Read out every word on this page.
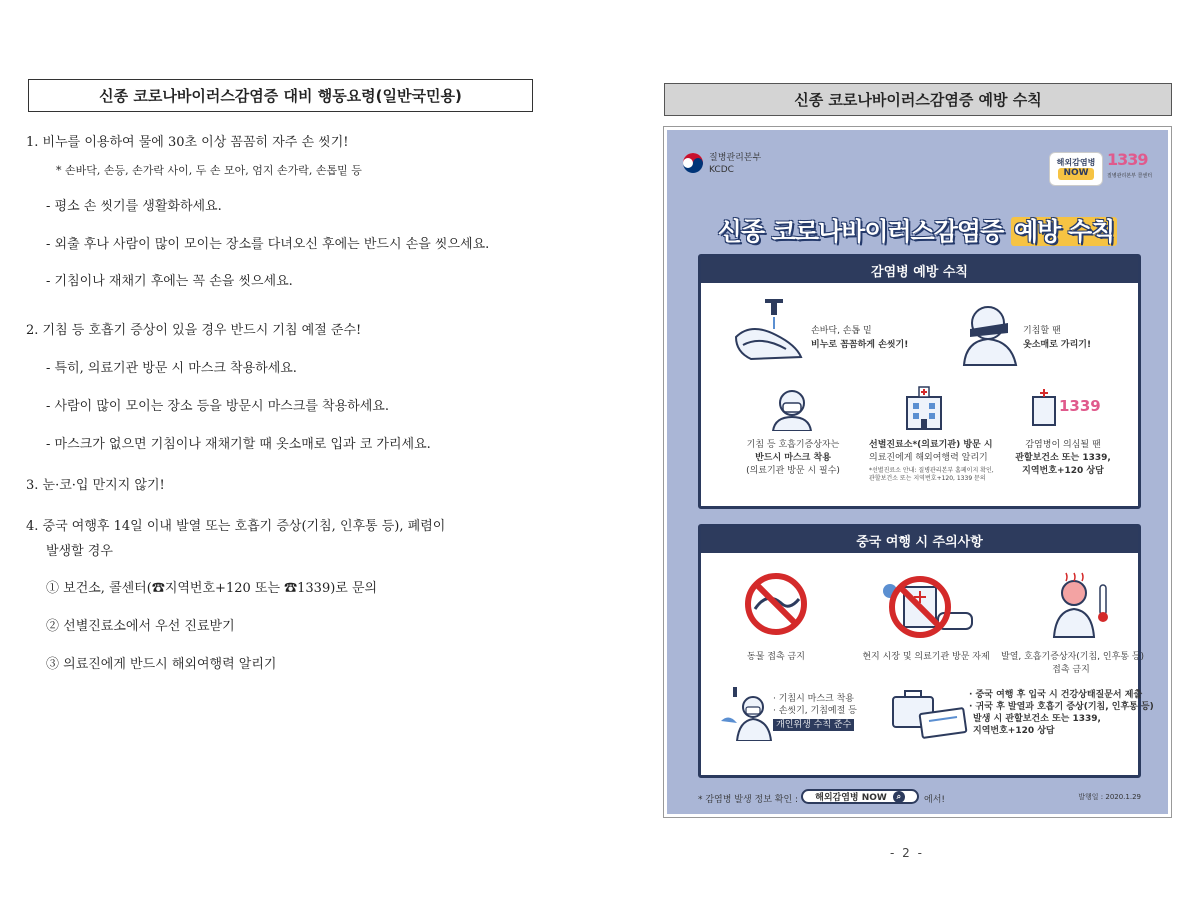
신종 코로나바이러스감염증 대비 행동요령(일반국민용)
1. 비누를 이용하여 물에 30초 이상 꼼꼼히 자주 손 씻기!
* 손바닥, 손등, 손가락 사이, 두 손 모아, 엄지 손가락, 손톱밑 등
- 평소 손 씻기를 생활화하세요.
- 외출 후나 사람이 많이 모이는 장소를 다녀오신 후에는 반드시 손을 씻으세요.
- 기침이나 재채기 후에는 꼭 손을 씻으세요.
2. 기침 등 호흡기 증상이 있을 경우 반드시 기침 예절 준수!
- 특히, 의료기관 방문 시 마스크 착용하세요.
- 사람이 많이 모이는 장소 등을 방문시 마스크를 착용하세요.
- 마스크가 없으면 기침이나 재채기할 때 옷소매로 입과 코 가리세요.
3. 눈·코·입 만지지 않기!
4. 중국 여행후 14일 이내 발열 또는 호흡기 증상(기침, 인후통 등), 폐렴이
발생할 경우
① 보건소, 콜센터(☎지역번호+120 또는 ☎1339)로 문의
② 선별진료소에서 우선 진료받기
③ 의료진에게 반드시 해외여행력 알리기
신종 코로나바이러스감염증 예방 수칙
질병관리본부
KCDC
해외감염병
NOW
1339
질병관리본부 콜센터
신종 코로나바이러스감염증 예방 수칙
감염병 예방 수칙
손바닥, 손톱 밑
비누로 꼼꼼하게 손씻기!
기침할 땐
옷소매로 가리기!
1339
기침 등 호흡기증상자는
반드시 마스크 착용
(의료기관 방문 시 필수)
선별진료소*(의료기관) 방문 시
의료진에게 해외여행력 알리기
*선별진료소 안내: 질병관리본부 홈페이지 확인,
관할보건소 또는 지역번호+120, 1339 문의
감염병이 의심될 땐
관할보건소 또는 1339,
지역번호+120 상담
중국 여행 시 주의사항
동물 접촉 금지	현지 시장 및 의료기관 방문 자제	발열, 호흡기증상자(기침, 인후통 등)
접촉 금지
· 기침시 마스크 착용
· 손씻기, 기침예절 등
개인위생 수칙 준수
· 중국 여행 후 입국 시 건강상태질문서 제출
· 귀국 후 발열과 호흡기 증상(기침, 인후통 등)
발생 시 관할보건소 또는 1339,
지역번호+120 상담
* 감염병 발생 정보 확인 : 해외감염병 NOW	⌕	에서!	발행일 : 2020.1.29
- 2 -
